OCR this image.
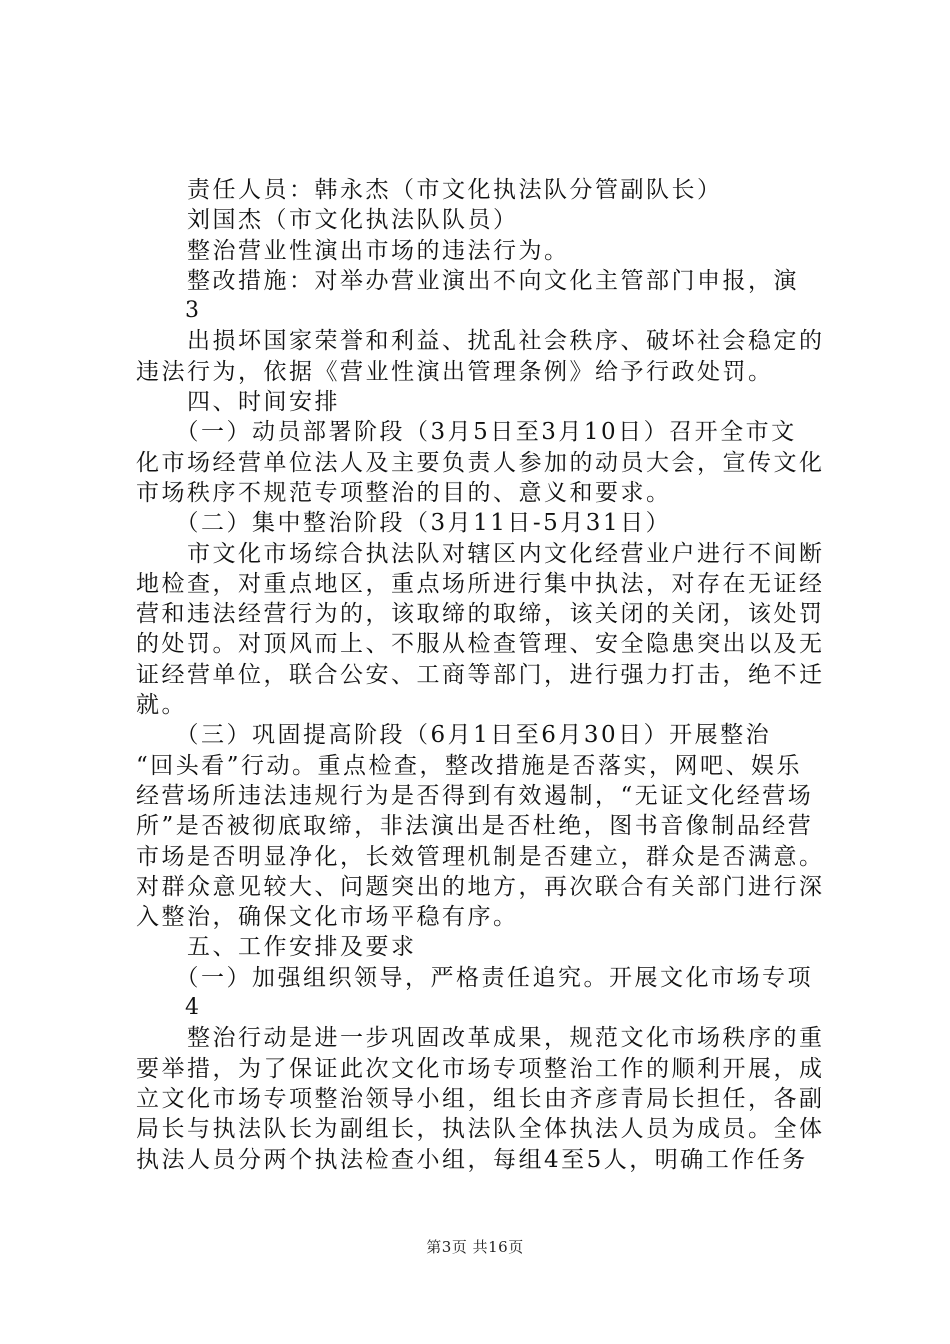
　　责任人员：韩永杰（市文化执法队分管副队长）
　　刘国杰（市文化执法队队员）
　　整治营业性演出市场的违法行为。
　　整改措施：对举办营业演出不向文化主管部门申报，演
　　3
　　出损坏国家荣誉和利益、扰乱社会秩序、破坏社会稳定的
违法行为，依据《营业性演出管理条例》给予行政处罚。
　　四、时间安排
　　（一）动员部署阶段（3月5日至3月10日）召开全市文
化市场经营单位法人及主要负责人参加的动员大会，宣传文化
市场秩序不规范专项整治的目的、意义和要求。
　　（二）集中整治阶段（3月11日-5月31日）
　　市文化市场综合执法队对辖区内文化经营业户进行不间断
地检查，对重点地区，重点场所进行集中执法，对存在无证经
营和违法经营行为的，该取缔的取缔，该关闭的关闭，该处罚
的处罚。对顶风而上、不服从检查管理、安全隐患突出以及无
证经营单位，联合公安、工商等部门，进行强力打击，绝不迁
就。
　　（三）巩固提高阶段（6月1日至6月30日）开展整治
“回头看”行动。重点检查，整改措施是否落实，网吧、娱乐
经营场所违法违规行为是否得到有效遏制，“无证文化经营场
所”是否被彻底取缔，非法演出是否杜绝，图书音像制品经营
市场是否明显净化，长效管理机制是否建立，群众是否满意。
对群众意见较大、问题突出的地方，再次联合有关部门进行深
入整治，确保文化市场平稳有序。
　　五、工作安排及要求
　　（一）加强组织领导，严格责任追究。开展文化市场专项
　　4
　　整治行动是进一步巩固改革成果，规范文化市场秩序的重
要举措，为了保证此次文化市场专项整治工作的顺利开展，成
立文化市场专项整治领导小组，组长由齐彦青局长担任，各副
局长与执法队长为副组长，执法队全体执法人员为成员。全体
执法人员分两个执法检查小组，每组4至5人，明确工作任务
第3页 共16页
